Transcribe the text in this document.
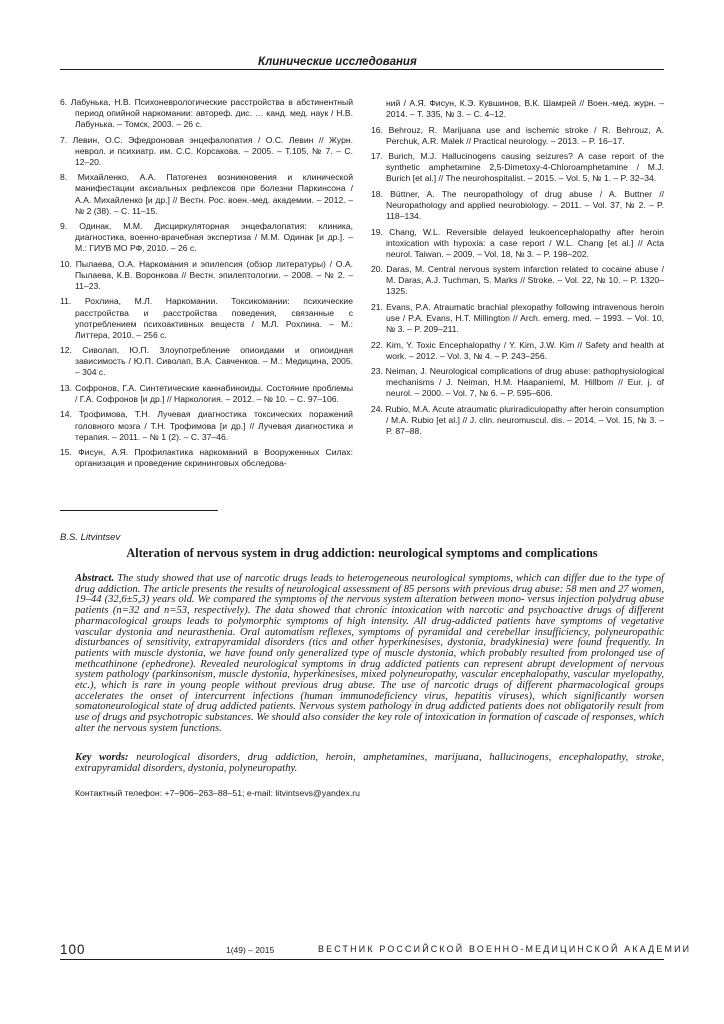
Клинические исследования

6. Лабунька, Н.В. Психоневрологические расстройства в абстинентный период опийной наркомании: автореф. дис. … канд. мед. наук / Н.В. Лабунька. – Томск, 2003. – 26 с.

7. Левин, О.С. Эфедроновая энцефалопатия / О.С. Левин // Журн. неврол. и психиатр. им. С.С. Корсакова. – 2005. – Т.105, № 7. – С. 12–20.

8. Михайленко, А.А. Патогенез возникновения и клинической манифестации аксиальных рефлексов при болезни Паркинсона / А.А. Михайленко [и др.] // Вестн. Рос. воен.-мед. академии. – 2012. – № 2 (38). – С. 11–15.

9. Одинак, М.М. Дисциркуляторная энцефалопатия: клиника, диагностика, военно-врачебная экспертиза / М.М. Одинак [и др.]. – М.: ГИУВ МО РФ, 2010. – 26 с.

10. Пылаева, О.А. Наркомания и эпилепсия (обзор литературы) / О.А. Пылаева, К.В. Воронкова // Вестн. эпилептологии. – 2008. – № 2. – 11–23.

11. Рохлина, М.Л. Наркомании. Токсикомании: психические расстройства и расстройства поведения, связанные с употреблением психоактивных веществ / М.Л. Рохлина. – М.: Литтера, 2010. – 256 с.

12. Сиволап, Ю.П. Злоупотребление опиоидами и опиоидная зависимость / Ю.П. Сиволап, В.А. Савченков. – М.: Медицина, 2005. – 304 с.

13. Софронов, Г.А. Синтетические каннабиноиды. Состояние проблемы / Г.А. Софронов [и др.] // Наркология. – 2012. – № 10. – С. 97–106.

14. Трофимова, Т.Н. Лучевая диагностика токсических поражений головного мозга / Т.Н. Трофимова [и др.] // Лучевая диагностика и терапия. – 2011. – № 1 (2). – С. 37–46.

15. Фисун, А.Я. Профилактика наркоманий в Вооруженных Силах: организация и проведение скрининговых обследова-

ний / А.Я. Фисун, К.Э. Кувшинов, В.К. Шамрей // Воен.-мед. журн. – 2014. – Т. 335, № 3. – С. 4–12.

16. Behrouz, R. Marijuana use and ischemic stroke / R. Behrouz, A. Perchuk, A.R. Malek // Practical neurology. – 2013. – P. 16–17.

17. Burich, M.J. Hallucinogens causing seizures? A case report of the synthetic amphetamine 2,5-Dimetoxy-4-Chloroamphetamine / M.J. Burich [et al.] // The neurohospitalist. – 2015. – Vol. 5, № 1. – P. 32–34.

18. Büttner, A. The neuropathology of drug abuse / A. Buttner // Neuropathology and applied neurobiology. – 2011. – Vol. 37, № 2. – P. 118–134.

19. Chang, W.L. Reversible delayed leukoencephalopathy after heroin intoxication with hypoxia: a case report / W.L. Chang [et al.] // Acta neurol. Taiwan. – 2009. – Vol. 18, № 3. – P. 198–202.

20. Daras, M. Central nervous system infarction related to cocaine abuse / M. Daras, A.J. Tuchman, S. Marks // Stroke. – Vol. 22, № 10. – P. 1320–1325.

21. Evans, P.A. Atraumatic brachial plexopathy following intravenous heroin use / P.A. Evans, H.T. Millington // Arch. emerg. med. – 1993. – Vol. 10, № 3. – P. 209–211.

22. Kim, Y. Toxic Encephalopathy / Y. Kim, J.W. Kim // Safety and health at work. – 2012. – Vol. 3, № 4. – P. 243–256.

23. Neiman, J. Neurological complications of drug abuse: pathophysiological mechanisms / J. Neiman, H.M. Haapaniemi, M. Hillbom // Eur. j. of neurol. – 2000. – Vol. 7, № 6. – P. 595–606.

24. Rubio, M.A. Acute atraumatic pluriradiculopathy after heroin consumption / M.A. Rubio [et al.] // J. clin. neuromuscul. dis. – 2014. – Vol. 15, № 3. – P. 87–88.

B.S. Litvintsev
Alteration of nervous system in drug addiction: neurological symptoms and complications

Abstract. The study showed that use of narcotic drugs leads to heterogeneous neurological symptoms, which can differ due to the type of drug addiction. The article presents the results of neurological assessment of 85 persons with previous drug abuse: 58 men and 27 women, 19–44 (32,6±5,3) years old. We compared the symptoms of the nervous system alteration between mono- versus injection polydrug abuse patients (n=32 and n=53, respectively). The data showed that chronic intoxication with narcotic and psychoactive drugs of different pharmacological groups leads to polymorphic symptoms of high intensity. All drug-addicted patients have symptoms of vegetative vascular dystonia and neurasthenia. Oral automatism reflexes, symptoms of pyramidal and cerebellar insufficiency, polyneuropathic disturbances of sensitivity, extrapyramidal disorders (tics and other hyperkinesises, dystonia, bradykinesia) were found frequently. In patients with muscle dystonia, we have found only generalized type of muscle dystonia, which probably resulted from prolonged use of methcathinone (ephedrone). Revealed neurological symptoms in drug addicted patients can represent abrupt development of nervous system pathology (parkinsonism, muscle dystonia, hyperkinesises, mixed polyneuropathy, vascular encephalopathy, vascular myelopathy, etc.), which is rare in young people without previous drug abuse. The use of narcotic drugs of different pharmacological groups accelerates the onset of intercurrent infections (human immunodeficiency virus, hepatitis viruses), which significantly worsen somatoneurological state of drug addicted patients. Nervous system pathology in drug addicted patients does not obligatorily result from use of drugs and psychotropic substances. We should also consider the key role of intoxication in formation of cascade of responses, which alter the nervous system functions.

Key words: neurological disorders, drug addiction, heroin, amphetamines, marijuana, hallucinogens, encephalopathy, stroke, extrapyramidal disorders, dystonia, polyneuropathy.

Контактный телефон: +7–906–263–88–51; e-mail: litvintsevs@yandex.ru
100	1(49) – 2015	ВЕСТНИК РОССИЙСКОЙ ВОЕННО-МЕДИЦИНСКОЙ АКАДЕМИИ
